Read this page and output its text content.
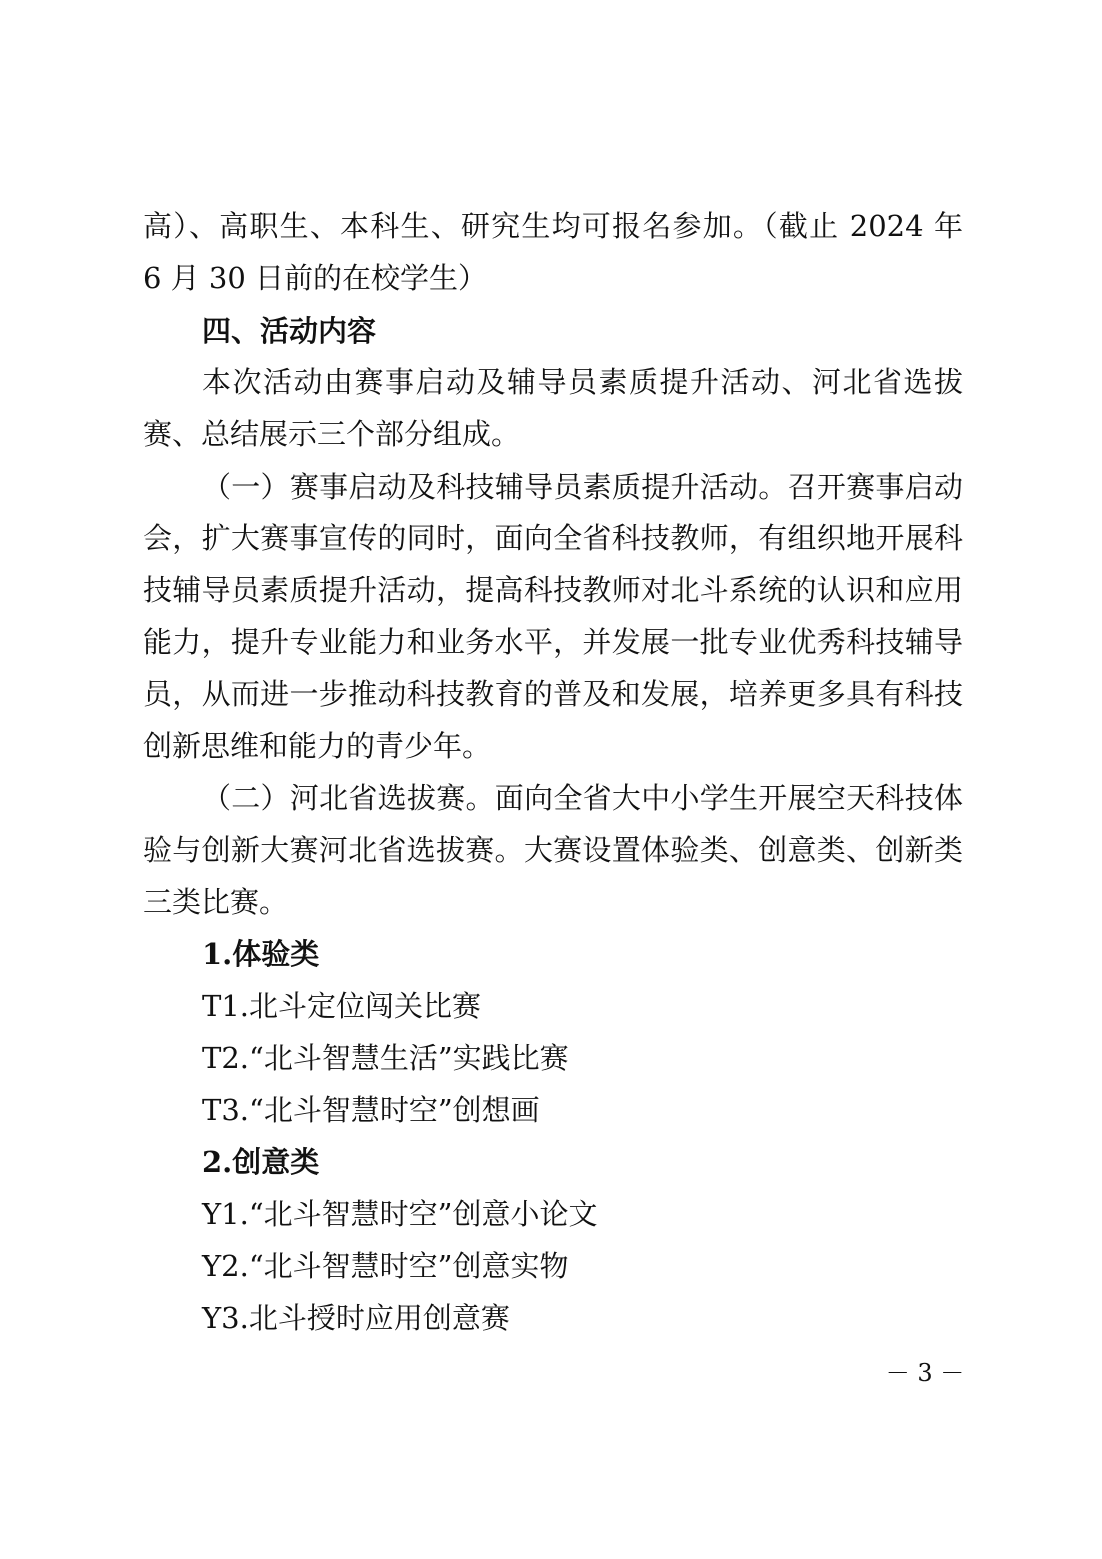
高）、高职生、本科生、研究生均可报名参加。（截止 2024 年
6 月 30 日前的在校学生）
四、活动内容
本次活动由赛事启动及辅导员素质提升活动、河北省选拔
赛、总结展示三个部分组成。
（一）赛事启动及科技辅导员素质提升活动。召开赛事启动
会，扩大赛事宣传的同时，面向全省科技教师，有组织地开展科
技辅导员素质提升活动，提高科技教师对北斗系统的认识和应用
能力，提升专业能力和业务水平，并发展一批专业优秀科技辅导
员，从而进一步推动科技教育的普及和发展，培养更多具有科技
创新思维和能力的青少年。
（二）河北省选拔赛。面向全省大中小学生开展空天科技体
验与创新大赛河北省选拔赛。大赛设置体验类、创意类、创新类
三类比赛。
1.体验类
T1.北斗定位闯关比赛
T2.“北斗智慧生活”实践比赛
T3.“北斗智慧时空”创想画
2.创意类
Y1.“北斗智慧时空”创意小论文
Y2.“北斗智慧时空”创意实物
Y3.北斗授时应用创意赛
－ 3 －
